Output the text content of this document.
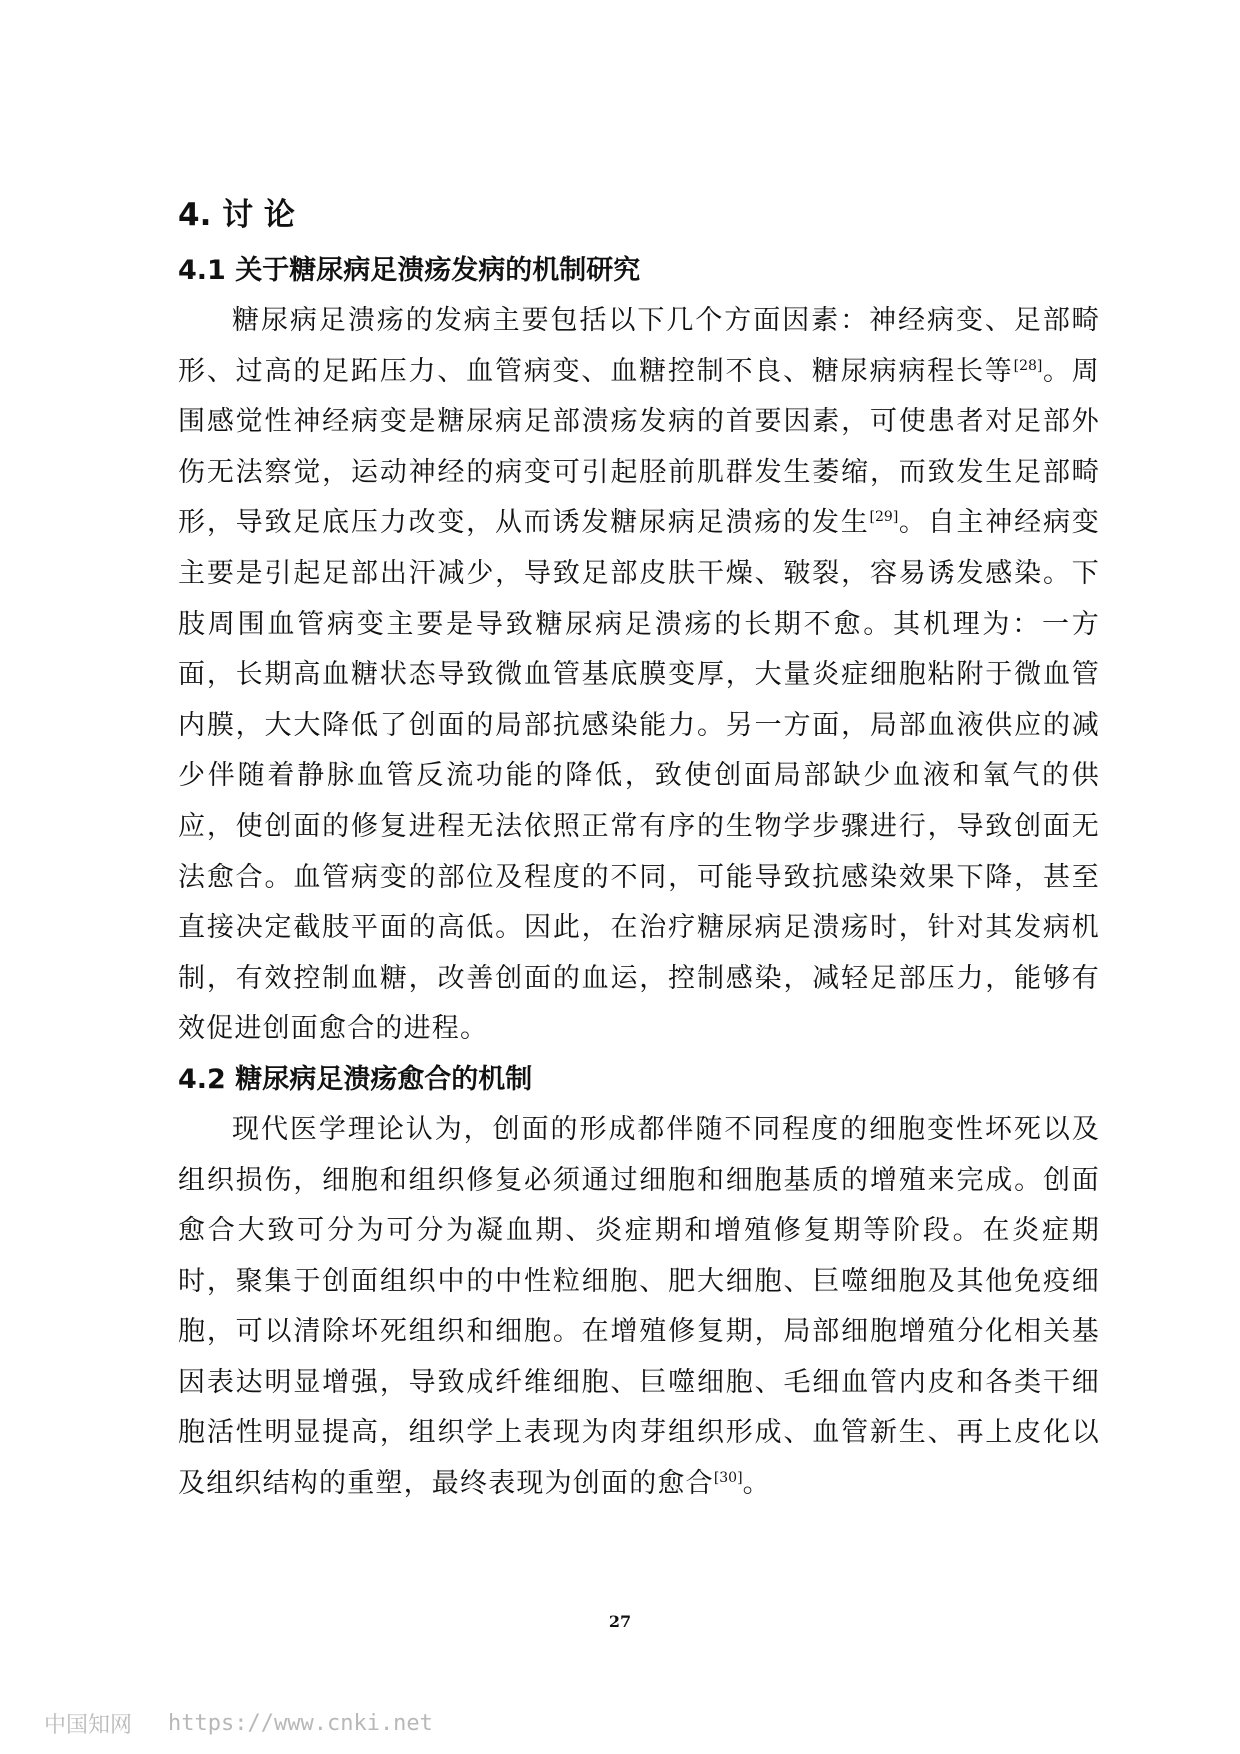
4. 讨 论
4.1 关于糖尿病足溃疡发病的机制研究

糖尿病足溃疡的发病主要包括以下几个方面因素：神经病变、足部畸形、过高的足跖压力、血管病变、血糖控制不良、糖尿病病程长等[28]。周围感觉性神经病变是糖尿病足部溃疡发病的首要因素，可使患者对足部外伤无法察觉，运动神经的病变可引起胫前肌群发生萎缩，而致发生足部畸形，导致足底压力改变，从而诱发糖尿病足溃疡的发生[29]。自主神经病变主要是引起足部出汗减少，导致足部皮肤干燥、皲裂，容易诱发感染。下肢周围血管病变主要是导致糖尿病足溃疡的长期不愈。其机理为：一方面，长期高血糖状态导致微血管基底膜变厚，大量炎症细胞粘附于微血管内膜，大大降低了创面的局部抗感染能力。另一方面，局部血液供应的减少伴随着静脉血管反流功能的降低，致使创面局部缺少血液和氧气的供应，使创面的修复进程无法依照正常有序的生物学步骤进行，导致创面无法愈合。血管病变的部位及程度的不同，可能导致抗感染效果下降，甚至直接决定截肢平面的高低。因此，在治疗糖尿病足溃疡时，针对其发病机制，有效控制血糖，改善创面的血运，控制感染，减轻足部压力，能够有效促进创面愈合的进程。

4.2 糖尿病足溃疡愈合的机制

现代医学理论认为，创面的形成都伴随不同程度的细胞变性坏死以及组织损伤，细胞和组织修复必须通过细胞和细胞基质的增殖来完成。创面愈合大致可分为可分为凝血期、炎症期和增殖修复期等阶段。在炎症期时，聚集于创面组织中的中性粒细胞、肥大细胞、巨噬细胞及其他免疫细胞，可以清除坏死组织和细胞。在增殖修复期，局部细胞增殖分化相关基因表达明显增强，导致成纤维细胞、巨噬细胞、毛细血管内皮和各类干细胞活性明显提高，组织学上表现为肉芽组织形成、血管新生、再上皮化以及组织结构的重塑，最终表现为创面的愈合[30]。

27
中国知网 https://www.cnki.net
